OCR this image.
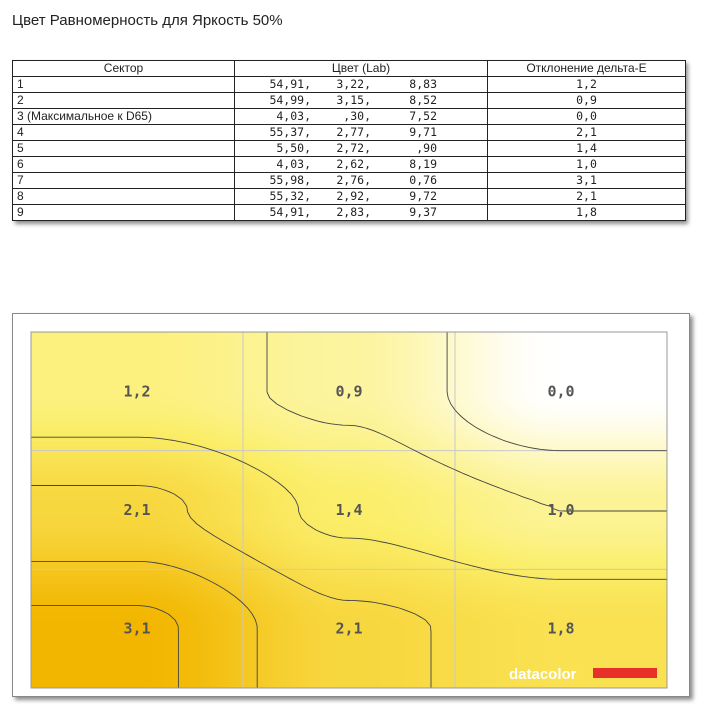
Цвет Равномерность для Яркость 50%
Сектор	Цвет (Lab)	Отклонение дельта-Е
1	54,91, 3,22, 8,83	1,2
2	54,99, 3,15, 8,52	0,9
3 (Максимальное к D65)	4,03, ,30, 7,52	0,0
4	55,37, 2,77, 9,71	2,1
5	5,50, 2,72, ,90	1,4
6	4,03, 2,62, 8,19	1,0
7	55,98, 2,76, 0,76	3,1
8	55,32, 2,92, 9,72	2,1
9	54,91, 2,83, 9,37	1,8
1,2	0,9	0,0
2,1	1,4	1,0
3,1	2,1	1,8
datacolor
